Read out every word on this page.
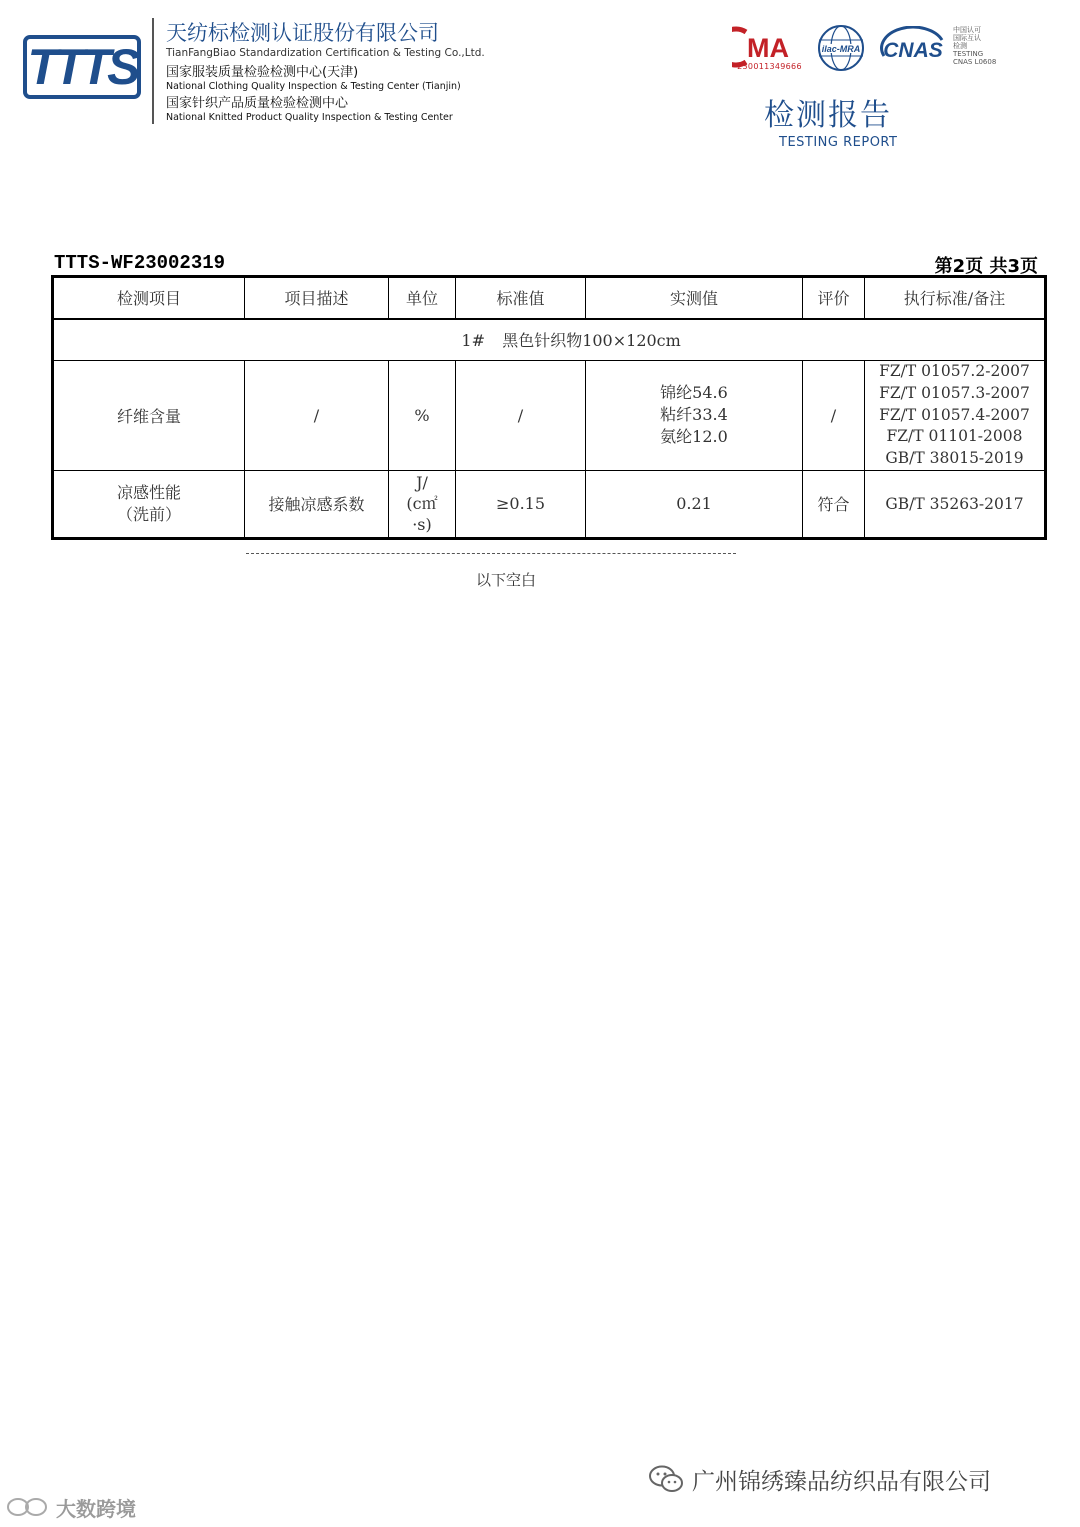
TTTS
天纺标检测认证股份有限公司
TianFangBiao Standardization Certification & Testing Co.,Ltd.
国家服装质量检验检测中心(天津)
National Clothing Quality Inspection & Testing Center (Tianjin)
国家针织产品质量检验检测中心
National Knitted Product Quality Inspection & Testing Center
MA
230011349666
ilac-MRA CNAS
中国认可
国际互认
检测
TESTING
CNAS L0608
检测报告
TESTING REPORT
TTTS-WF23002319	第2页 共3页
检测项目	项目描述	单位	标准值	实测值	评价	执行标准/备注
1# 黑色针织物100×120cm						
纤维含量	/	%	/	锦纶54.6
粘纤33.4
氨纶12.0	/	FZ/T 01057.2-2007
FZ/T 01057.3-2007
FZ/T 01057.4-2007
FZ/T 01101-2008
GB/T 38015-2019

凉感性能
（洗前）	接触凉感系数	J/
(c㎡
·s)	≥0.15	0.21	符合	GB/T 35263-2017
以下空白
广州锦绣臻品纺织品有限公司
大数跨境
